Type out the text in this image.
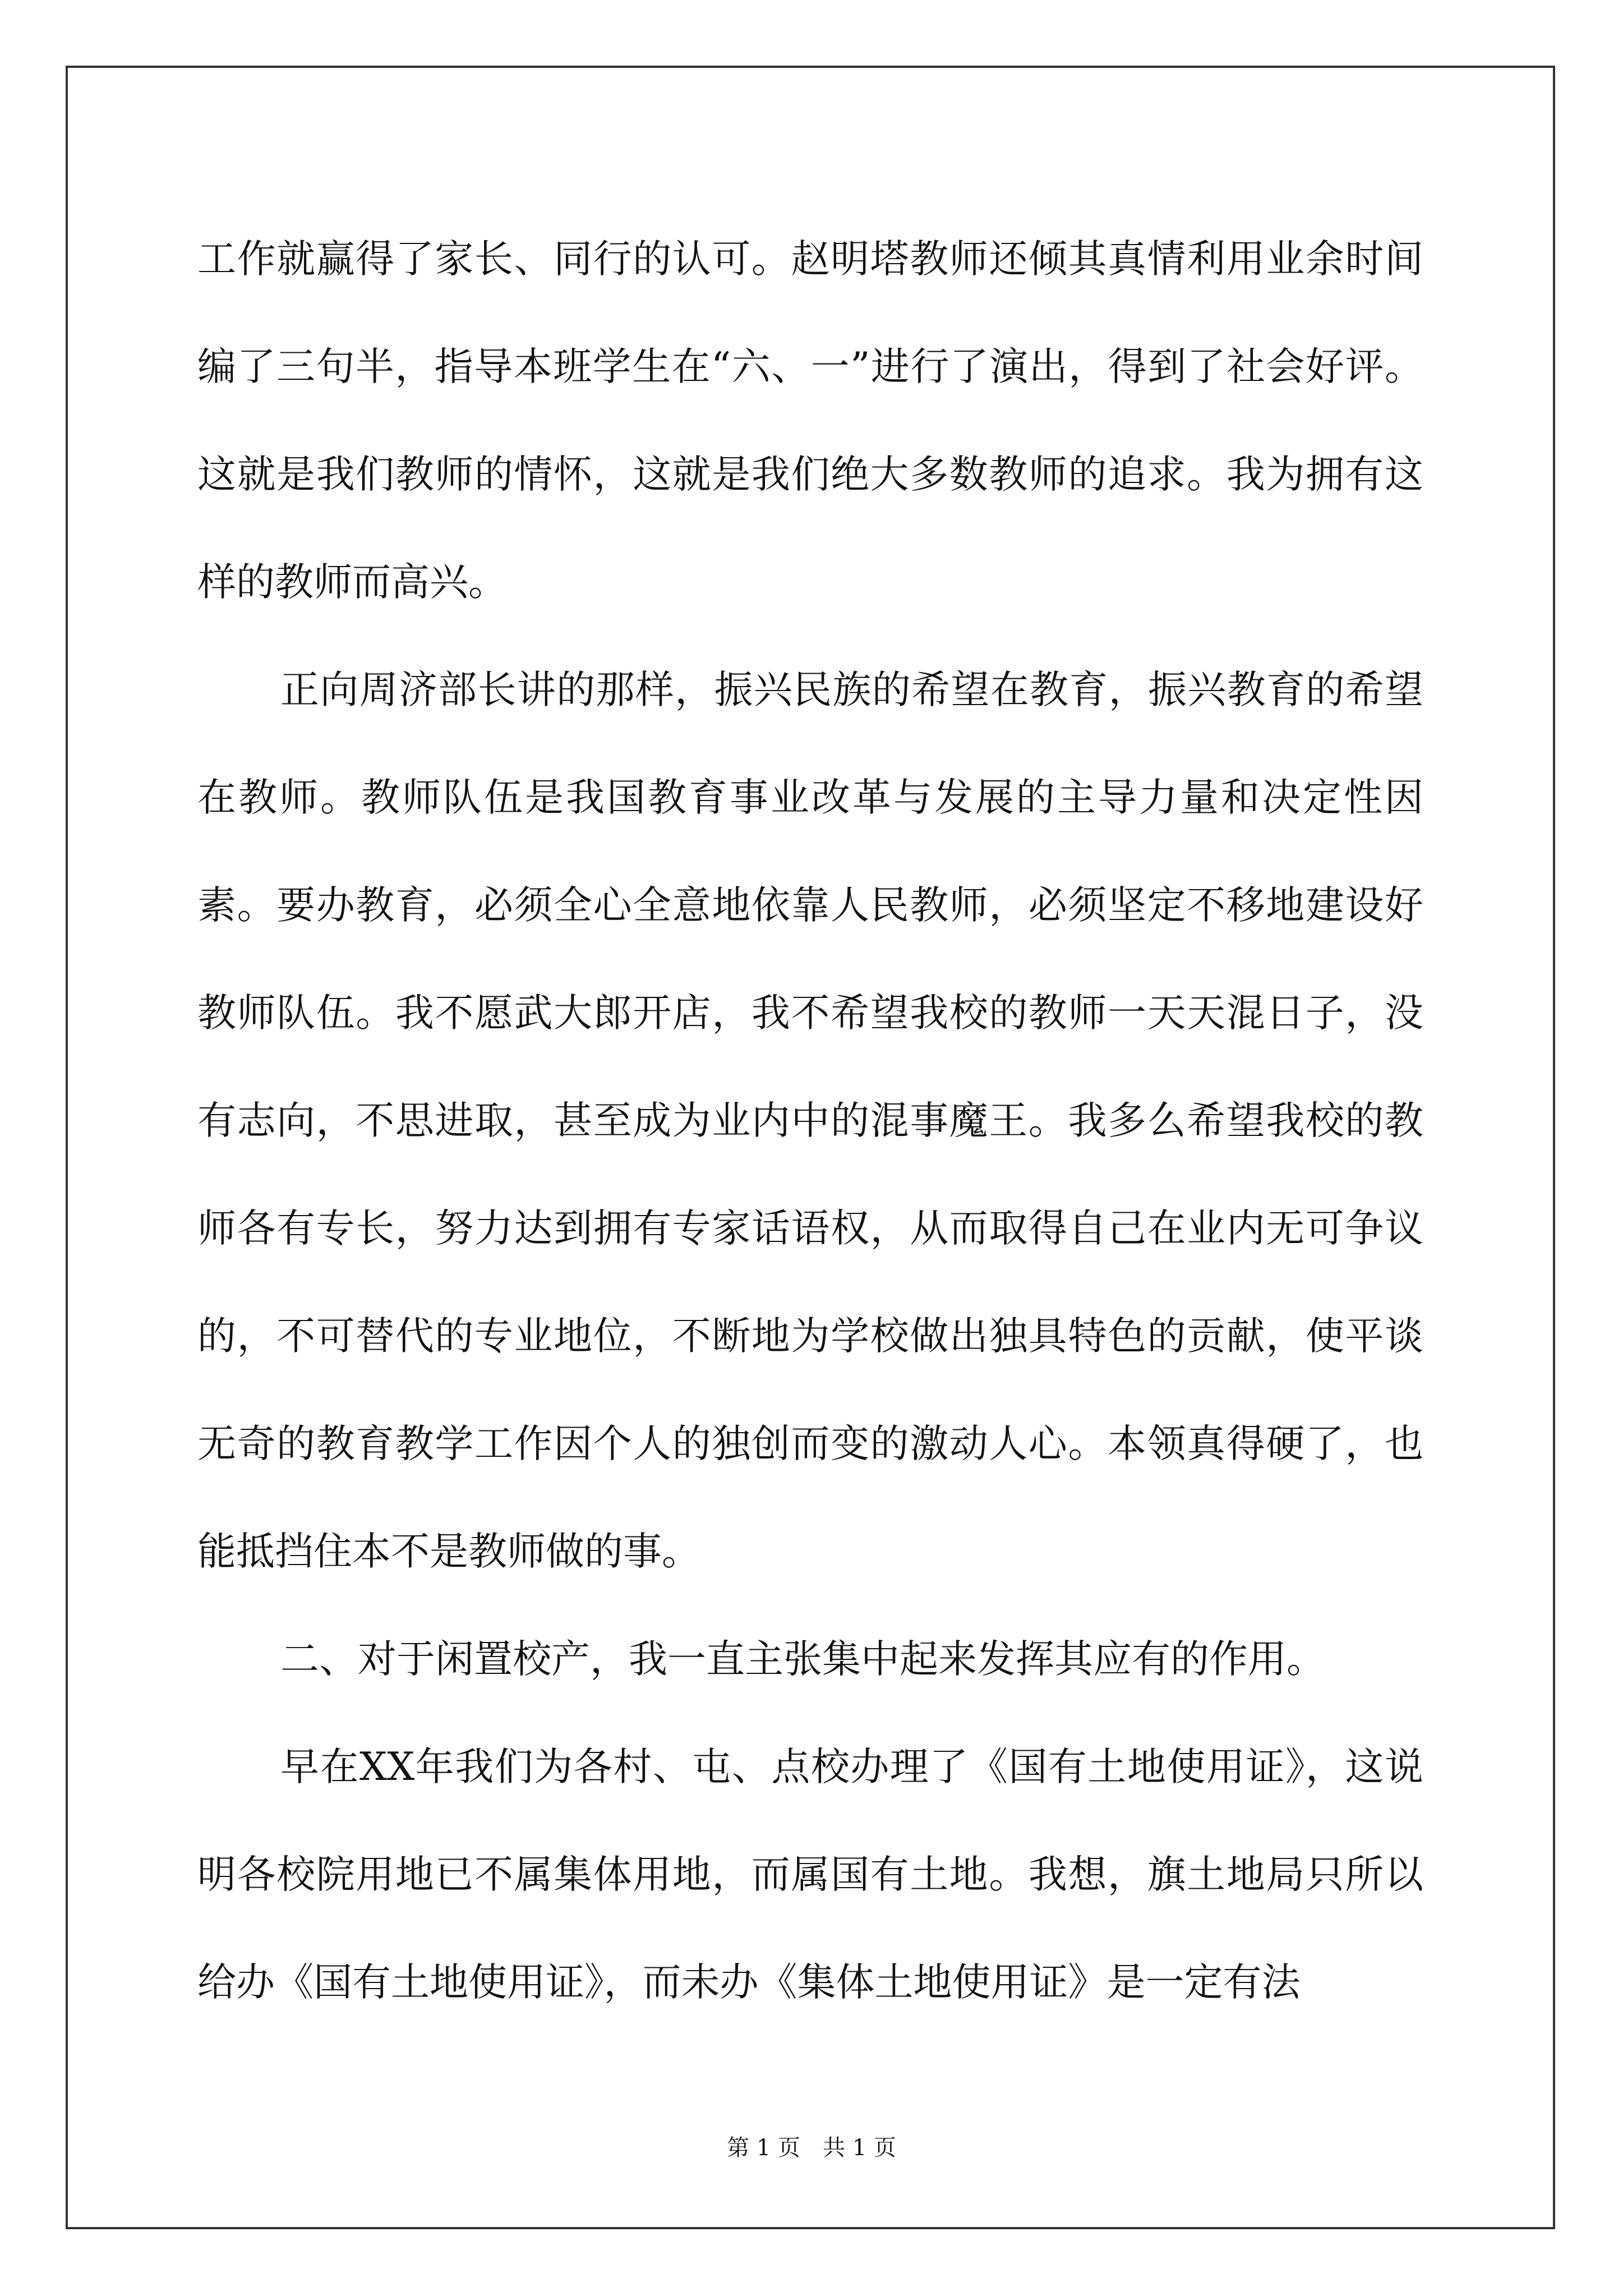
工作就赢得了家长、同行的认可。赵明塔教师还倾其真情利用业余时间编了三句半，指导本班学生在“六、一”进行了演出，得到了社会好评。这就是我们教师的情怀，这就是我们绝大多数教师的追求。我为拥有这样的教师而高兴。

正向周济部长讲的那样，振兴民族的希望在教育，振兴教育的希望在教师。教师队伍是我国教育事业改革与发展的主导力量和决定性因素。要办教育，必须全心全意地依靠人民教师，必须坚定不移地建设好教师队伍。我不愿武大郎开店，我不希望我校的教师一天天混日子，没有志向，不思进取，甚至成为业内中的混事魔王。我多么希望我校的教师各有专长，努力达到拥有专家话语权，从而取得自己在业内无可争议的，不可替代的专业地位，不断地为学校做出独具特色的贡献，使平谈无奇的教育教学工作因个人的独创而变的激动人心。本领真得硬了，也能抵挡住本不是教师做的事。

二、对于闲置校产，我一直主张集中起来发挥其应有的作用。

早在XX年我们为各村、屯、点校办理了《国有土地使用证》，这说明各校院用地已不属集体用地，而属国有土地。我想，旗土地局只所以给办《国有土地使用证》，而未办《集体土地使用证》是一定有法

第 1 页　共 1 页
